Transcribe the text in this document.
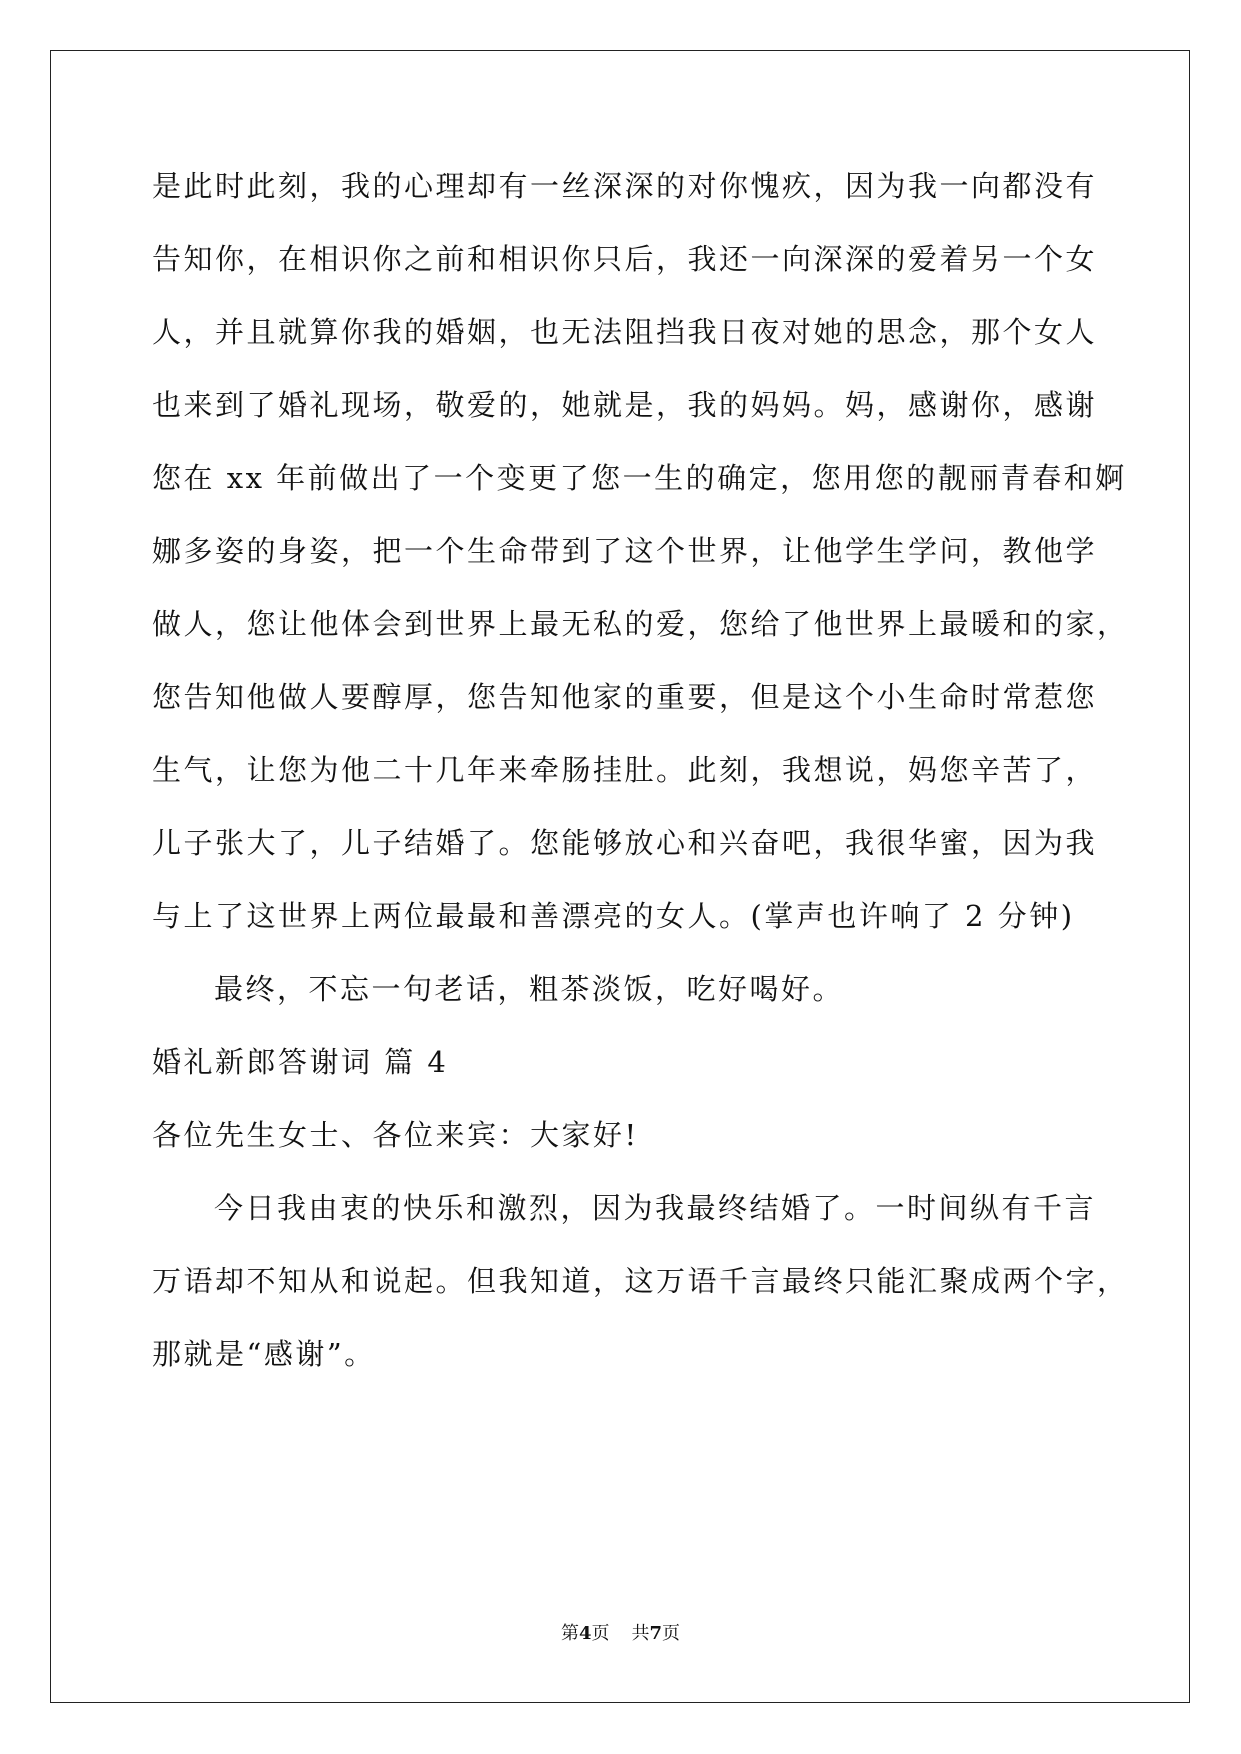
是此时此刻，我的心理却有一丝深深的对你愧疚，因为我一向都没有
告知你，在相识你之前和相识你只后，我还一向深深的爱着另一个女
人，并且就算你我的婚姻，也无法阻挡我日夜对她的思念，那个女人
也来到了婚礼现场，敬爱的，她就是，我的妈妈。妈，感谢你，感谢
您在 xx 年前做出了一个变更了您一生的确定，您用您的靓丽青春和婀
娜多姿的身姿，把一个生命带到了这个世界，让他学生学问，教他学
做人，您让他体会到世界上最无私的爱，您给了他世界上最暖和的家，
您告知他做人要醇厚，您告知他家的重要，但是这个小生命时常惹您
生气，让您为他二十几年来牵肠挂肚。此刻，我想说，妈您辛苦了，
儿子张大了，儿子结婚了。您能够放心和兴奋吧，我很华蜜，因为我
与上了这世界上两位最最和善漂亮的女人。(掌声也许响了 2 分钟)
最终，不忘一句老话，粗茶淡饭，吃好喝好。
婚礼新郎答谢词 篇 4
各位先生女士、各位来宾：大家好!
今日我由衷的快乐和激烈，因为我最终结婚了。一时间纵有千言
万语却不知从和说起。但我知道，这万语千言最终只能汇聚成两个字，
那就是“感谢”。
第4页 共7页
